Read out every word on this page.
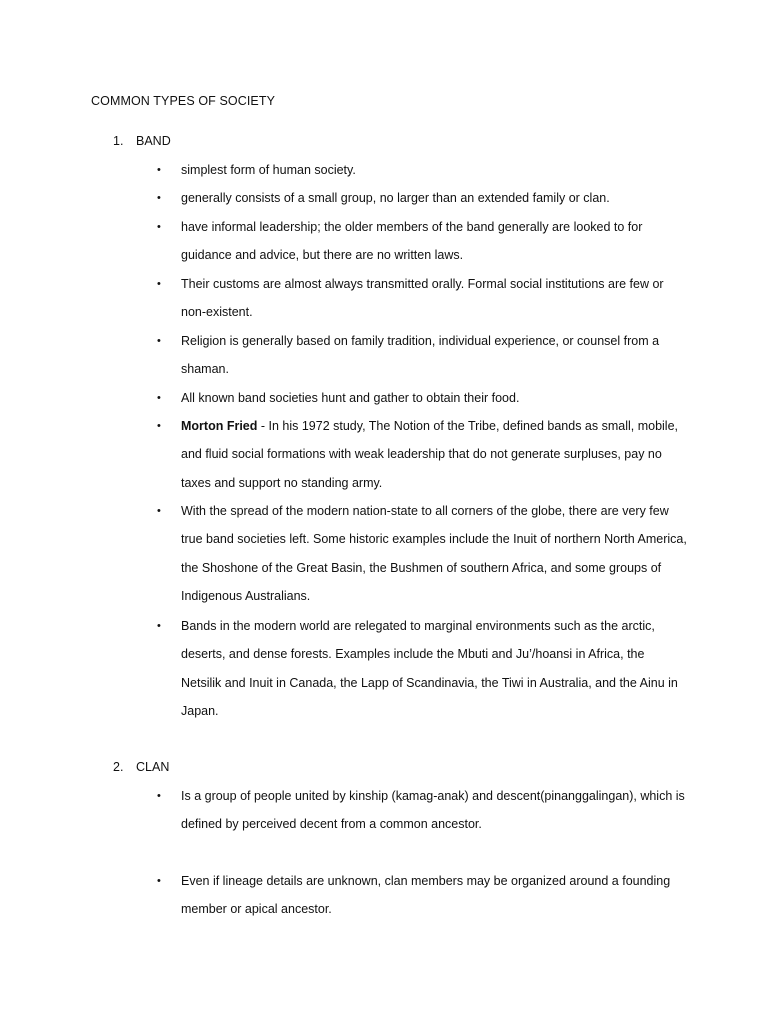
COMMON TYPES OF SOCIETY
1. BAND
• simplest form of human society.
• generally consists of a small group, no larger than an extended family or clan.
• have informal leadership; the older members of the band generally are looked to for guidance and advice, but there are no written laws.
• Their customs are almost always transmitted orally. Formal social institutions are few or non-existent.
• Religion is generally based on family tradition, individual experience, or counsel from a shaman.
• All known band societies hunt and gather to obtain their food.
• Morton Fried - In his 1972 study, The Notion of the Tribe, defined bands as small, mobile, and fluid social formations with weak leadership that do not generate surpluses, pay no taxes and support no standing army.
• With the spread of the modern nation-state to all corners of the globe, there are very few true band societies left. Some historic examples include the Inuit of northern North America, the Shoshone of the Great Basin, the Bushmen of southern Africa, and some groups of Indigenous Australians.
• Bands in the modern world are relegated to marginal environments such as the arctic, deserts, and dense forests. Examples include the Mbuti and Ju’/hoansi in Africa, the Netsilik and Inuit in Canada, the Lapp of Scandinavia, the Tiwi in Australia, and the Ainu in Japan.
2. CLAN
• Is a group of people united by kinship (kamag-anak) and descent(pinanggalingan), which is defined by perceived decent from a common ancestor.
• Even if lineage details are unknown, clan members may be organized around a founding member or apical ancestor.
